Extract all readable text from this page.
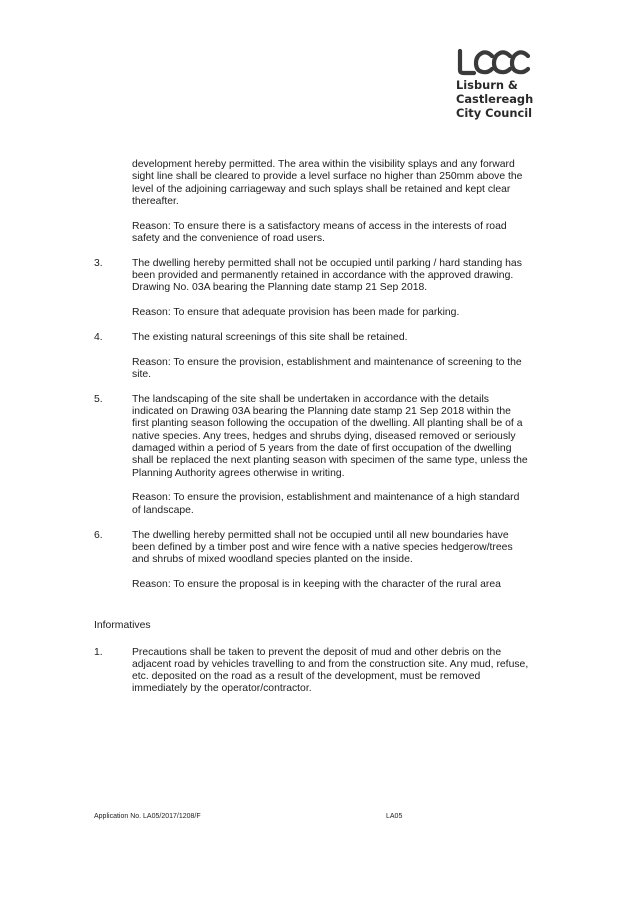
Lisburn &
Castlereagh
City Council

development hereby permitted. The area within the visibility splays and any forward sight line shall be cleared to provide a level surface no higher than 250mm above the level of the adjoining carriageway and such splays shall be retained and kept clear thereafter.

Reason: To ensure there is a satisfactory means of access in the interests of road safety and the convenience of road users.

3.	The dwelling hereby permitted shall not be occupied until parking / hard standing has been provided and permanently retained in accordance with the approved drawing. Drawing No. 03A bearing the Planning date stamp 21 Sep 2018.

Reason: To ensure that adequate provision has been made for parking.

4.	The existing natural screenings of this site shall be retained.

Reason: To ensure the provision, establishment and maintenance of screening to the site.

5.	The landscaping of the site shall be undertaken in accordance with the details indicated on Drawing 03A bearing the Planning date stamp 21 Sep 2018 within the first planting season following the occupation of the dwelling. All planting shall be of a native species. Any trees, hedges and shrubs dying, diseased removed or seriously damaged within a period of 5 years from the date of first occupation of the dwelling shall be replaced the next planting season with specimen of the same type, unless the Planning Authority agrees otherwise in writing.

Reason: To ensure the provision, establishment and maintenance of a high standard of landscape.

6.	The dwelling hereby permitted shall not be occupied until all new boundaries have been defined by a timber post and wire fence with a native species hedgerow/trees and shrubs of mixed woodland species planted on the inside.

Reason: To ensure the proposal is in keeping with the character of the rural area

Informatives

1.	Precautions shall be taken to prevent the deposit of mud and other debris on the adjacent road by vehicles travelling to and from the construction site. Any mud, refuse, etc. deposited on the road as a result of the development, must be removed immediately by the operator/contractor.

Application No. LA05/2017/1208/F	LA05
